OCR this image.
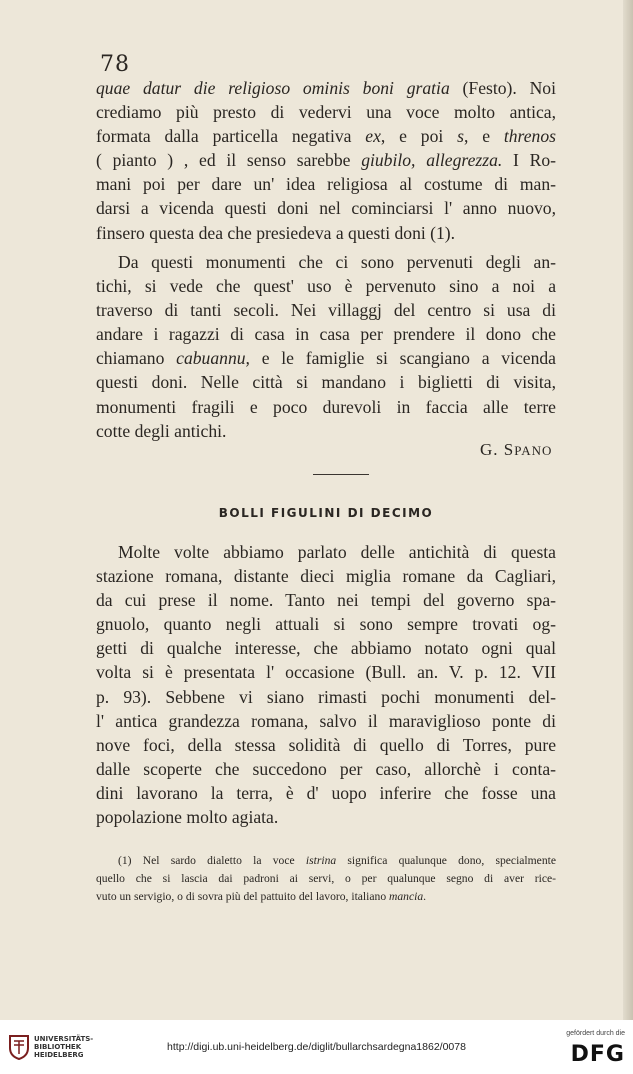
78
quae datur die religioso ominis boni gratia (Festo). Noi
crediamo più presto di vedervi una voce molto antica,
formata dalla particella negativa ex, e poi s, e threnos
( pianto ) , ed il senso sarebbe giubilo, allegrezza. I Ro-
mani poi per dare un' idea religiosa al costume di man-
darsi a vicenda questi doni nel cominciarsi l' anno nuovo,
finsero questa dea che presiedeva a questi doni (1).
Da questi monumenti che ci sono pervenuti degli an-
tichi, si vede che quest' uso è pervenuto sino a noi a
traverso di tanti secoli. Nei villaggj del centro si usa di
andare i ragazzi di casa in casa per prendere il dono che
chiamano cabuannu, e le famiglie si scangiano a vicenda
questi doni. Nelle città si mandano i biglietti di visita,
monumenti fragili e poco durevoli in faccia alle terre
cotte degli antichi.
G. SPANO
BOLLI FIGULINI DI DECIMO
Molte volte abbiamo parlato delle antichità di questa
stazione romana, distante dieci miglia romane da Cagliari,
da cui prese il nome. Tanto nei tempi del governo spa-
gnuolo, quanto negli attuali si sono sempre trovati og-
getti di qualche interesse, che abbiamo notato ogni qual
volta si è presentata l' occasione (Bull. an. V. p. 12. VII
p. 93). Sebbene vi siano rimasti pochi monumenti del-
l' antica grandezza romana, salvo il maraviglioso ponte di
nove foci, della stessa solidità di quello di Torres, pure
dalle scoperte che succedono per caso, allorchè i conta-
dini lavorano la terra, è d' uopo inferire che fosse una
popolazione molto agiata.
(1) Nel sardo dialetto la voce istrina significa qualunque dono, specialmente
quello che si lascia dai padroni ai servi, o per qualunque segno di aver rice-
vuto un servigio, o di sovra più del pattuito del lavoro, italiano mancia.
UNIVERSITÄTS-
BIBLIOTHEK
HEIDELBERG
http://digi.ub.uni-heidelberg.de/diglit/bullarchsardegna1862/0078
gefördert durch die
DFG
